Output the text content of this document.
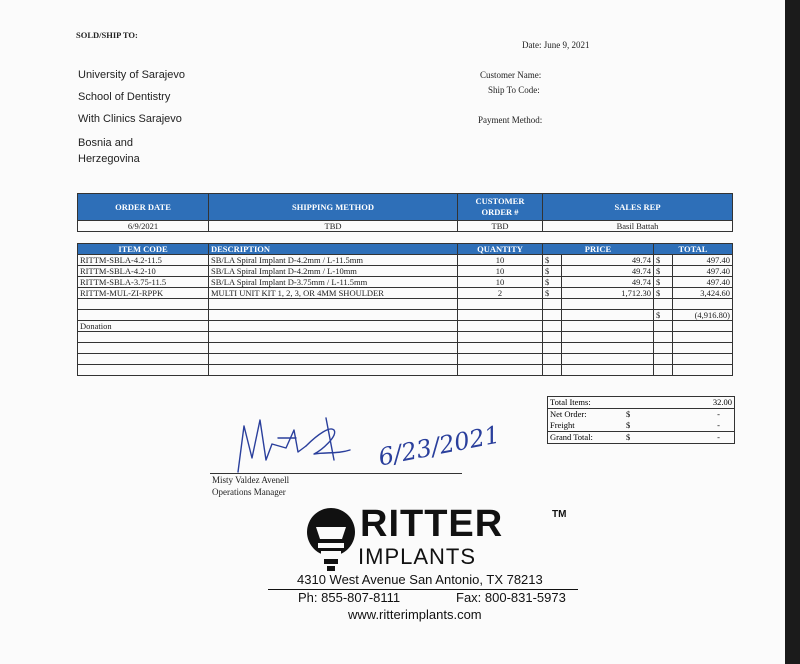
SOLD/SHIP TO:
University of Sarajevo
School of Dentistry
With Clinics Sarajevo
Bosnia and
Herzegovina
Date: June 9, 2021
Customer Name:
Ship To Code:
Payment Method:
ORDER DATE	SHIPPING METHOD	CUSTOMER ORDER #	SALES REP
6/9/2021	TBD	TBD	Basil Battah
ITEM CODE	DESCRIPTION	QUANTITY	PRICE		TOTAL	
RITTM-SBLA-4.2-11.5	SB/LA Spiral Implant D-4.2mm / L-11.5mm	10	$	49.74	$	497.40
RITTM-SBLA-4.2-10	SB/LA Spiral Implant D-4.2mm / L-10mm	10	$	49.74	$	497.40
RITTM-SBLA-3.75-11.5	SB/LA Spiral Implant D-3.75mm / L-11.5mm	10	$	49.74	$	497.40
RITTM-MUL-ZI-RPPK	MULTI UNIT KIT 1, 2, 3, OR 4MM SHOULDER	2	$	1,712.30	$	3,424.60

					$	(4,916.80)
Donation						

Total Items:		32.00
Net Order:	$	-
Freight	$	-
Grand Total:	$	-
6/23/2021
Misty Valdez Avenell
Operations Manager
RITTER	TM
IMPLANTS
4310 West Avenue San Antonio, TX 78213
Ph: 855-807-8111	Fax: 800-831-5973
www.ritterimplants.com
